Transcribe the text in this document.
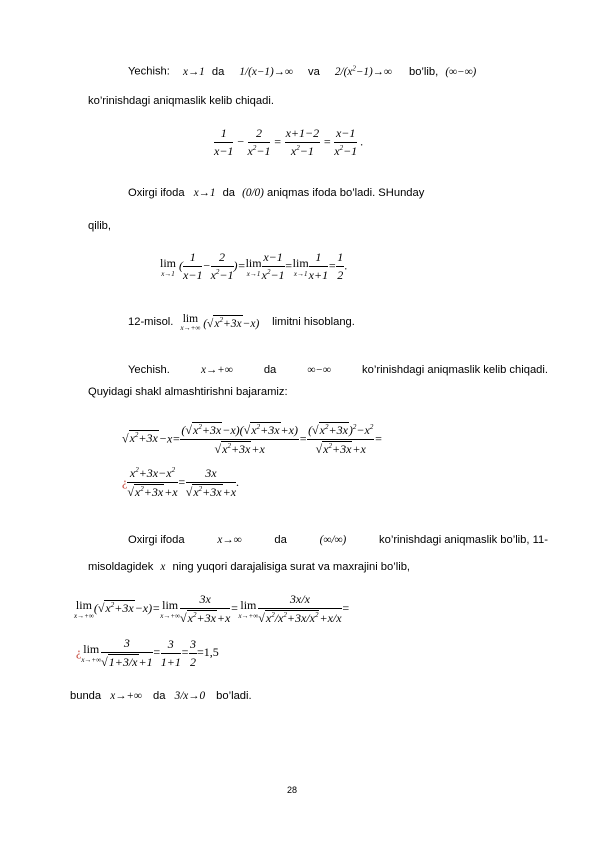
Yechish: x→1 da 1/(x−1)→∞ va $2/(x^2-1)\to\infty$ bo’lib, (∞−∞)
ko’rinishdagi aniqmaslik kelib chiqadi.
$\frac{1}{x-1} - \frac{2}{x^2-1} = \frac{x+1-2}{x^2-1} = \frac{x-1}{x^2-1}$ .
Oxirgi ifoda x→1 da (0/0) aniqmas ifoda bo’ladi. SHunday
qilib,
lim
x→1
( $\frac{1}{x-1} - \frac{2}{x^2-1}$ )= lim
$x\to 1 \frac{x-1}{x^2-1} = \lim$
$x\to 1 \frac{1}{x+1} = \frac{1}{2}$ .
12-misol. lim
x→+∞ $(√x^2+3x-x)$ limitni hisoblang.
Yechish.	x→+∞	da	∞−∞	ko’rinishdagi aniqmaslik kelib chiqadi.
Quyidagi shakl almashtirishni bajaramiz:
$√x^2+3x-x= \frac{(√x^2+3x-x)(√x^2+3x+x)}{√x^2+3x+x} = \frac{(√x^2+3x)^2-x^2}{√x^2+3x+x}$ =
¿ $\frac{x^2+3x-x^2}{√x^2+3x+x} = \frac{3x}{√x^2+3x+x}$ .
Oxirgi ifoda	x→∞	da	(∞/∞)	ko’rinishdagi aniqmaslik bo’lib, 11-
misoldagidek x ning yuqori darajalisiga surat va maxrajini bo’lib,
lim
x→+∞
$(√x^2+3x-x)= \lim$
$x\to+\infty \frac{3x}{√x^2+3x+x} = \lim$
$x\to+\infty \frac{3x/x}{√x^2/x^2+3x/x^2+x/x}$ =
¿ lim
$x\to+\infty \frac{3}{√1+3/x+1} = \frac{3}{1+1} = \frac{3}{2} =1,5$
bunda x→+∞ da 3/x→0 bo’ladi.
28
